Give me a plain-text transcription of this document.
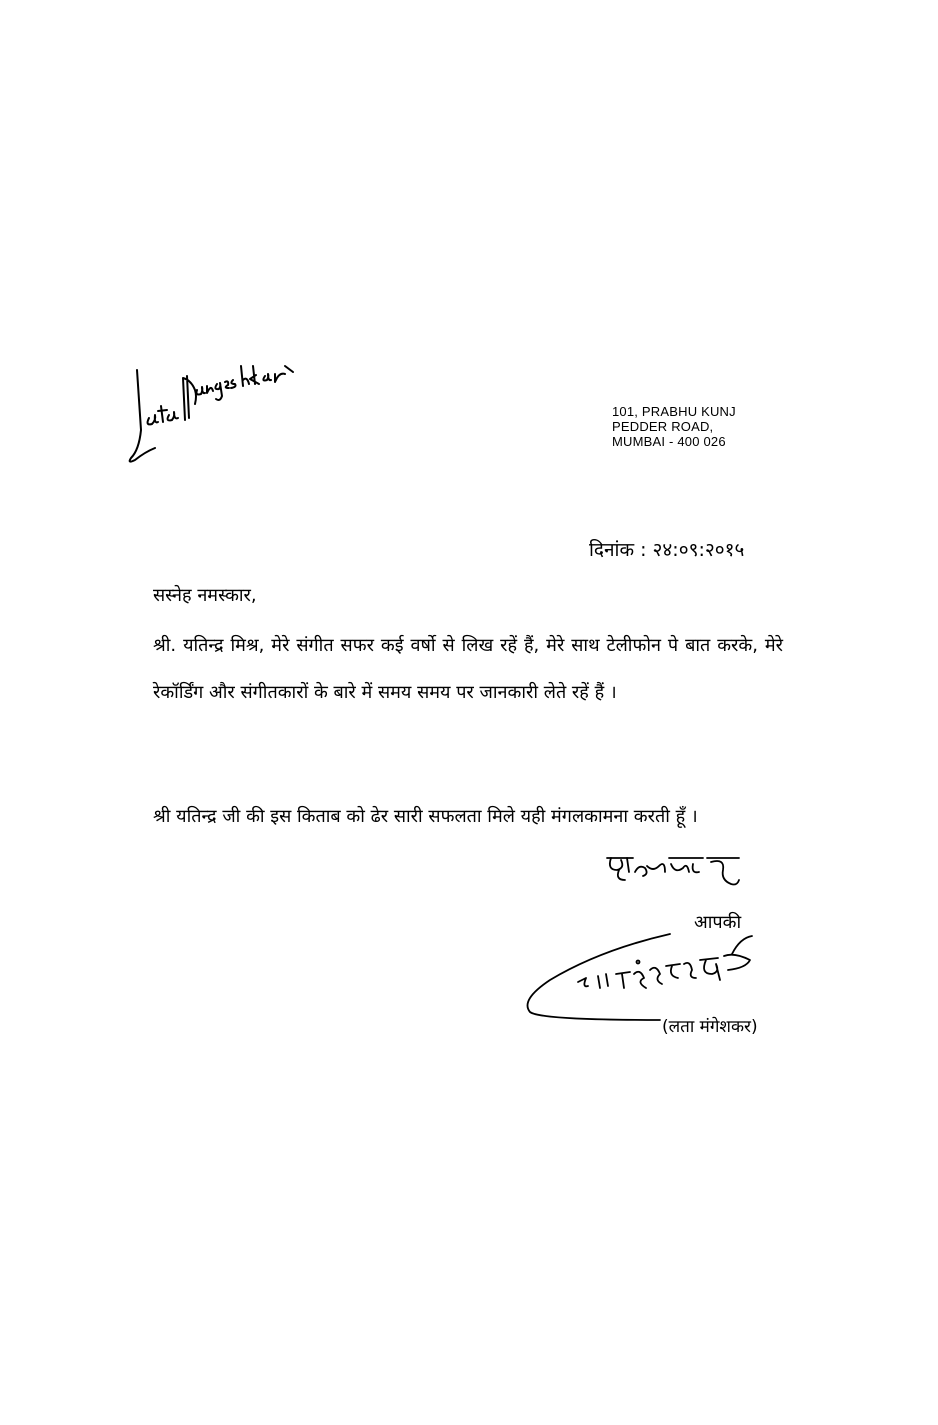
101, PRABHU KUNJ
PEDDER ROAD,
MUMBAI - 400 026
दिनांक : २४:०९:२०१५
सस्नेह नमस्कार,
श्री. यतिन्द्र मिश्र, मेरे संगीत सफर कई वर्षो से लिख रहें हैं, मेरे साथ टेलीफोन पे बात करके, मेरे रेकॉर्डिंग और संगीतकारों के बारे में समय समय पर जानकारी लेते रहें हैं ।
श्री यतिन्द्र जी की इस किताब को ढेर सारी सफलता मिले यही मंगलकामना करती हूँ ।
आपकी
(लता मंगेशकर)
